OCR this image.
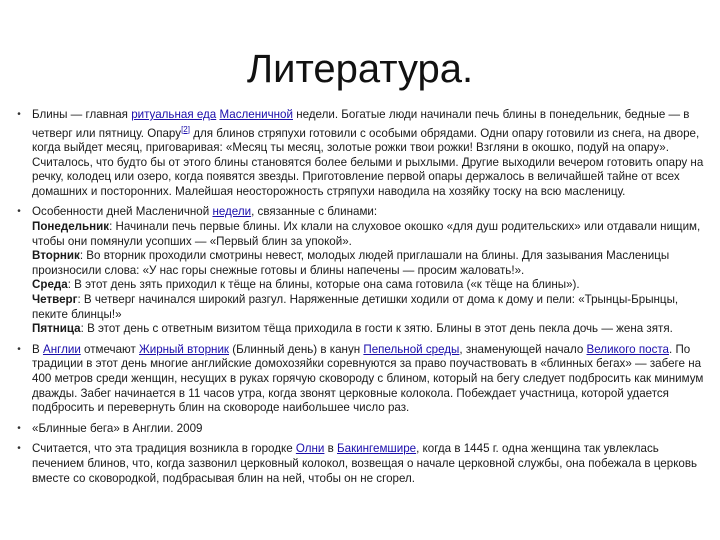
Литература.
• Блины — главная ритуальная еда Масленичной недели. Богатые люди начинали печь блины в понедельник, бедные — в четверг или пятницу. Опару[2] для блинов стряпухи готовили с особыми обрядами. Одни опару готовили из снега, на дворе, когда выйдет месяц, приговаривая: «Месяц ты месяц, золотые рожки твои рожки! Взгляни в окошко, подуй на опару». Считалось, что будто бы от этого блины становятся более белыми и рыхлыми. Другие выходили вечером готовить опару на речку, колодец или озеро, когда появятся звезды. Приготовление первой опары держалось в величайшей тайне от всех домашних и посторонних. Малейшая неосторожность стряпухи наводила на хозяйку тоску на всю масленицу.
• Особенности дней Масленичной недели, связанные с блинами:

Понедельник: Начинали печь первые блины. Их клали на слуховое окошко «для душ родительских» или отдавали нищим, чтобы они помянули усопших — «Первый блин за упокой».

Вторник: Во вторник проходили смотрины невест, молодых людей приглашали на блины. Для зазывания Масленицы произносили слова: «У нас горы снежные готовы и блины напечены — просим жаловать!».

Среда: В этот день зять приходил к тёще на блины, которые она сама готовила («к тёще на блины»).

Четверг: В четверг начинался широкий разгул. Наряженные детишки ходили от дома к дому и пели: «Трынцы-Брынцы, пеките блинцы!»

Пятница: В этот день с ответным визитом тёща приходила в гости к зятю. Блины в этот день пекла дочь — жена зятя.

• В Англии отмечают Жирный вторник (Блинный день) в канун Пепельной среды, знаменующей начало Великого поста. По традиции в этот день многие английские домохозяйки соревнуются за право поучаствовать в «блинных бегах» — забеге на 400 метров среди женщин, несущих в руках горячую сковороду с блином, который на бегу следует подбросить как минимум дважды. Забег начинается в 11 часов утра, когда звонят церковные колокола. Побеждает участница, которой удается подбросить и перевернуть блин на сковороде наибольшее число раз.
• «Блинные бега» в Англии. 2009
• Считается, что эта традиция возникла в городке Олни в Бакингемшире, когда в 1445 г. одна женщина так увлеклась печением блинов, что, когда зазвонил церковный колокол, возвещая о начале церковной службы, она побежала в церковь вместе со сковородкой, подбрасывая блин на ней, чтобы он не сгорел.
